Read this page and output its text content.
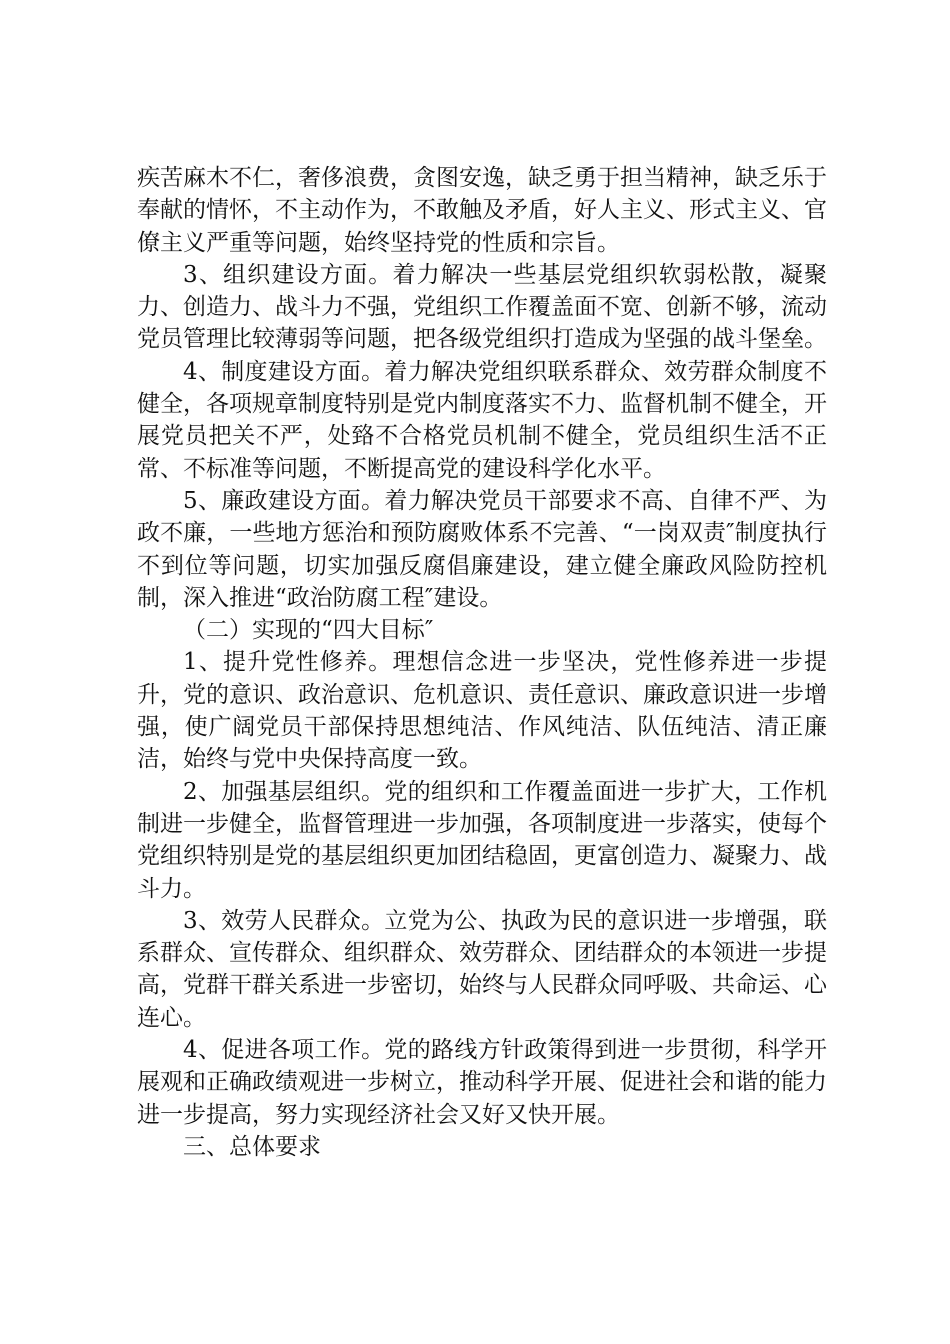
疾苦麻木不仁，奢侈浪费，贪图安逸，缺乏勇于担当精神，缺乏乐于奉献的情怀，不主动作为，不敢触及矛盾，好人主义、形式主义、官僚主义严重等问题，始终坚持党的性质和宗旨。

3、组织建设方面。着力解决一些基层党组织软弱松散，凝聚力、创造力、战斗力不强，党组织工作覆盖面不宽、创新不够，流动党员管理比较薄弱等问题，把各级党组织打造成为坚强的战斗堡垒。

4、制度建设方面。着力解决党组织联系群众、效劳群众制度不健全，各项规章制度特别是党内制度落实不力、监督机制不健全，开展党员把关不严，处臵不合格党员机制不健全，党员组织生活不正常、不标准等问题，不断提高党的建设科学化水平。

5、廉政建设方面。着力解决党员干部要求不高、自律不严、为政不廉，一些地方惩治和预防腐败体系不完善、“一岗双责″制度执行不到位等问题，切实加强反腐倡廉建设，建立健全廉政风险防控机制，深入推进“政治防腐工程″建设。

（二）实现的“四大目标″

1、提升党性修养。理想信念进一步坚决，党性修养进一步提升，党的意识、政治意识、危机意识、责任意识、廉政意识进一步增强，使广阔党员干部保持思想纯洁、作风纯洁、队伍纯洁、清正廉洁，始终与党中央保持高度一致。

2、加强基层组织。党的组织和工作覆盖面进一步扩大，工作机制进一步健全，监督管理进一步加强，各项制度进一步落实，使每个党组织特别是党的基层组织更加团结稳固，更富创造力、凝聚力、战斗力。

3、效劳人民群众。立党为公、执政为民的意识进一步增强，联系群众、宣传群众、组织群众、效劳群众、团结群众的本领进一步提高，党群干群关系进一步密切，始终与人民群众同呼吸、共命运、心连心。

4、促进各项工作。党的路线方针政策得到进一步贯彻，科学开展观和正确政绩观进一步树立，推动科学开展、促进社会和谐的能力进一步提高，努力实现经济社会又好又快开展。

三、总体要求
